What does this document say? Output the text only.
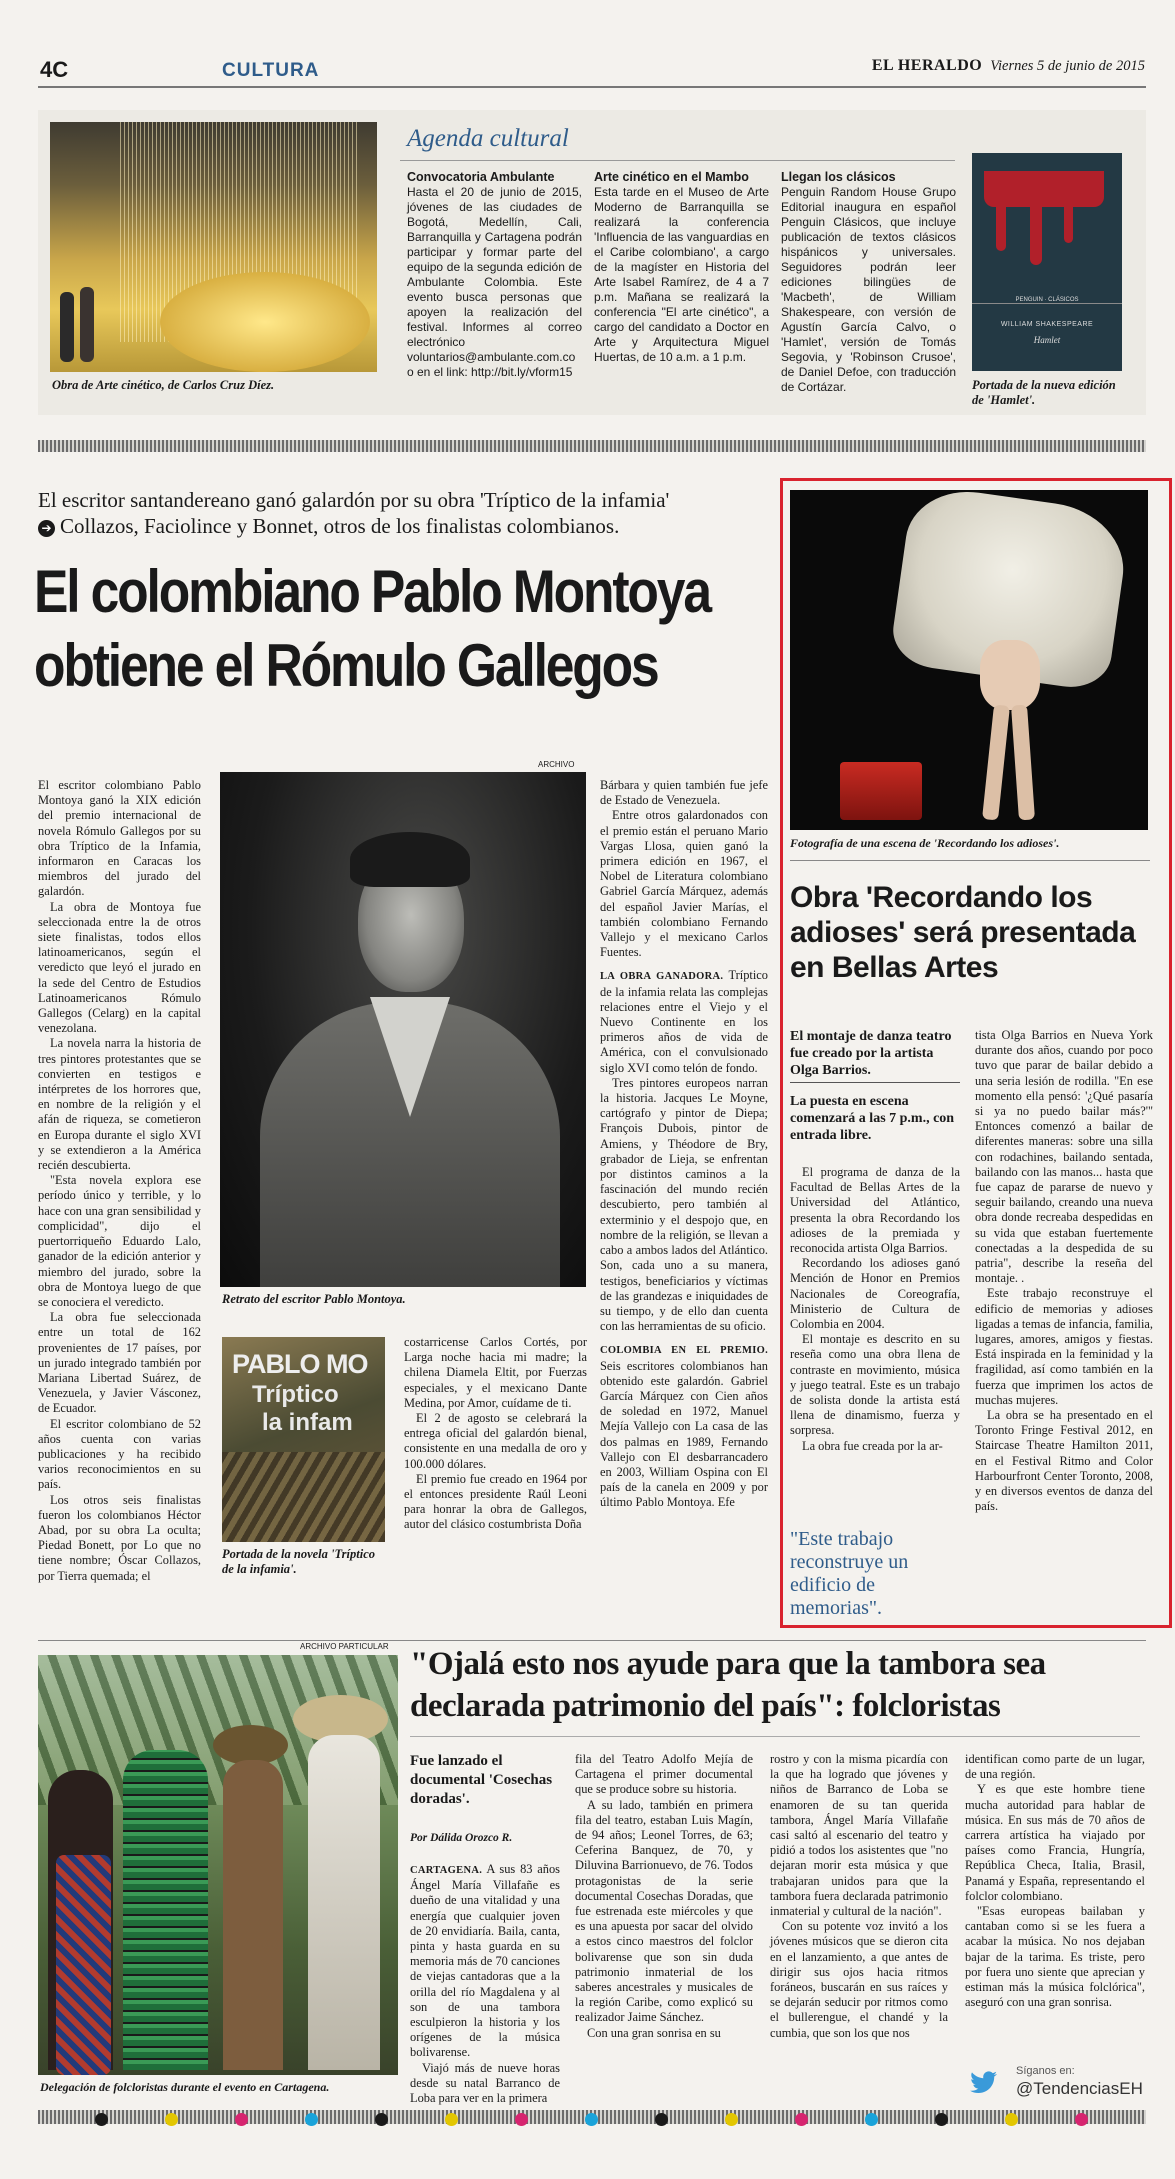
4C	CULTURA	EL HERALDO Viernes 5 de junio de 2015
Obra de Arte cinético, de Carlos Cruz Díez.
Agenda cultural
Convocatoria Ambulante
Hasta el 20 de junio de 2015, jóvenes de las ciudades de Bogotá, Medellín, Cali, Barranquilla y Cartagena podrán participar y formar parte del equipo de la segunda edición de Ambulante Colombia. Este evento busca personas que apoyen la realización del festival. Informes al correo electrónico voluntarios@ambulante.com.co o en el link: http://bit.ly/vform15
Arte cinético en el Mambo
Esta tarde en el Museo de Arte Moderno de Barranquilla se realizará la conferencia 'Influencia de las vanguardias en el Caribe colombiano', a cargo de la magíster en Historia del Arte Isabel Ramírez, de 4 a 7 p.m. Mañana se realizará la conferencia "El arte cinético", a cargo del candidato a Doctor en Arte y Arquitectura Miguel Huertas, de 10 a.m. a 1 p.m.
Llegan los clásicos
Penguin Random House Grupo Editorial inaugura en español Penguin Clásicos, que incluye publicación de textos clásicos hispánicos y universales. Seguidores podrán leer ediciones bilingües de 'Macbeth', de William Shakespeare, con versión de Agustín García Calvo, o 'Hamlet', versión de Tomás Segovia, y 'Robinson Crusoe', de Daniel Defoe, con traducción de Cortázar.
PENGUIN · CLÁSICOS
WILLIAM SHAKESPEARE
Hamlet
Portada de la nueva edición de 'Hamlet'.
El escritor santandereano ganó galardón por su obra 'Tríptico de la infamia'
➔ Collazos, Faciolince y Bonnet, otros de los finalistas colombianos.
El colombiano Pablo Montoya
obtiene el Rómulo Gallegos

El escritor colombiano Pablo Montoya ganó la XIX edición del premio internacional de novela Rómulo Gallegos por su obra Tríptico de la Infamia, informaron en Caracas los miembros del jurado del galardón.

La obra de Montoya fue seleccionada entre la de otros siete finalistas, todos ellos latinoamericanos, según el veredicto que leyó el jurado en la sede del Centro de Estudios Latinoamericanos Rómulo Gallegos (Celarg) en la capital venezolana.

La novela narra la historia de tres pintores protestantes que se convierten en testigos e intérpretes de los horrores que, en nombre de la religión y el afán de riqueza, se cometieron en Europa durante el siglo XVI y se extendieron a la América recién descubierta.

"Esta novela explora ese período único y terrible, y lo hace con una gran sensibilidad y complicidad", dijo el puertorriqueño Eduardo Lalo, ganador de la edición anterior y miembro del jurado, sobre la obra de Montoya luego de que se conociera el veredicto.

La obra fue seleccionada entre un total de 162 provenientes de 17 países, por un jurado integrado también por Mariana Libertad Suárez, de Venezuela, y Javier Vásconez, de Ecuador.

El escritor colombiano de 52 años cuenta con varias publicaciones y ha recibido varios reconocimientos en su país.

Los otros seis finalistas fueron los colombianos Héctor Abad, por su obra La oculta; Piedad Bonett, por Lo que no tiene nombre; Óscar Collazos, por Tierra quemada; el

ARCHIVO
Retrato del escritor Pablo Montoya.
PABLO MO
Tríptico
la infam
Portada de la novela 'Tríptico de la infamia'.

costarricense Carlos Cortés, por Larga noche hacia mi madre; la chilena Diamela Eltit, por Fuerzas especiales, y el mexicano Dante Medina, por Amor, cuídame de ti.

El 2 de agosto se celebrará la entrega oficial del galardón bienal, consistente en una medalla de oro y 100.000 dólares.

El premio fue creado en 1964 por el entonces presidente Raúl Leoni para honrar la obra de Gallegos, autor del clásico costumbrista Doña

Bárbara y quien también fue jefe de Estado de Venezuela.

Entre otros galardonados con el premio están el peruano Mario Vargas Llosa, quien ganó la primera edición en 1967, el Nobel de Literatura colombiano Gabriel García Márquez, además del español Javier Marías, el también colombiano Fernando Vallejo y el mexicano Carlos Fuentes.

LA OBRA GANADORA. Tríptico de la infamia relata las complejas relaciones entre el Viejo y el Nuevo Continente en los primeros años de vida de América, con el convulsionado siglo XVI como telón de fondo.

Tres pintores europeos narran la historia. Jacques Le Moyne, cartógrafo y pintor de Diepa; François Dubois, pintor de Amiens, y Théodore de Bry, grabador de Lieja, se enfrentan por distintos caminos a la fascinación del mundo recién descubierto, pero también al exterminio y el despojo que, en nombre de la religión, se llevan a cabo a ambos lados del Atlántico. Son, cada uno a su manera, testigos, beneficiarios y víctimas de las grandezas e iniquidades de su tiempo, y de ello dan cuenta con las herramientas de su oficio.

COLOMBIA EN EL PREMIO. Seis escritores colombianos han obtenido este galardón. Gabriel García Márquez con Cien años de soledad en 1972, Manuel Mejía Vallejo con La casa de las dos palmas en 1989, Fernando Vallejo con El desbarrancadero en 2003, William Ospina con El país de la canela en 2009 y por último Pablo Montoya. Efe

Fotografía de una escena de 'Recordando los adioses'.
Obra 'Recordando los adioses' será presentada en Bellas Artes
El montaje de danza teatro fue creado por la artista Olga Barrios.
La puesta en escena comenzará a las 7 p.m., con entrada libre.

El programa de danza de la Facultad de Bellas Artes de la Universidad del Atlántico, presenta la obra Recordando los adioses de la premiada y reconocida artista Olga Barrios.

Recordando los adioses ganó Mención de Honor en Premios Nacionales de Coreografía, Ministerio de Cultura de Colombia en 2004.

El montaje es descrito en su reseña como una obra llena de contraste en movimiento, música y juego teatral. Este es un trabajo de solista donde la artista está llena de dinamismo, fuerza y sorpresa.

La obra fue creada por la ar-

"Este trabajo reconstruye un edificio de memorias".

tista Olga Barrios en Nueva York durante dos años, cuando por poco tuvo que parar de bailar debido a una seria lesión de rodilla. "En ese momento ella pensó: '¿Qué pasaría si ya no puedo bailar más?'" Entonces comenzó a bailar de diferentes maneras: sobre una silla con rodachines, bailando sentada, bailando con las manos... hasta que fue capaz de pararse de nuevo y seguir bailando, creando una nueva obra donde recreaba despedidas en su vida que estaban fuertemente conectadas a la despedida de su patria", describe la reseña del montaje. .

Este trabajo reconstruye el edificio de memorias y adioses ligadas a temas de infancia, familia, lugares, amores, amigos y fiestas. Está inspirada en la feminidad y la fragilidad, así como también en la fuerza que imprimen los actos de muchas mujeres.

La obra se ha presentado en el Toronto Fringe Festival 2012, en Staircase Theatre Hamilton 2011, en el Festival Ritmo and Color Harbourfront Center Toronto, 2008, y en diversos eventos de danza del país.

ARCHIVO PARTICULAR
Delegación de folcloristas durante el evento en Cartagena.
"Ojalá esto nos ayude para que la tambora sea
declarada patrimonio del país": folcloristas
Fue lanzado el documental 'Cosechas doradas'.
Por Dálida Orozco R.

CARTAGENA. A sus 83 años Ángel María Villafañe es dueño de una vitalidad y una energía que cualquier joven de 20 envidiaría. Baila, canta, pinta y hasta guarda en su memoria más de 70 canciones de viejas cantadoras que a la orilla del río Magdalena y al son de una tambora esculpieron la historia y los orígenes de la música bolivarense.

Viajó más de nueve horas desde su natal Barranco de Loba para ver en la primera

fila del Teatro Adolfo Mejía de Cartagena el primer documental que se produce sobre su historia.

A su lado, también en primera fila del teatro, estaban Luis Magín, de 94 años; Leonel Torres, de 63; Ceferina Banquez, de 70, y Diluvina Barrionuevo, de 76. Todos protagonistas de la serie documental Cosechas Doradas, que fue estrenada este miércoles y que es una apuesta por sacar del olvido a estos cinco maestros del folclor bolivarense que son sin duda patrimonio inmaterial de los saberes ancestrales y musicales de la región Caribe, como explicó su realizador Jaime Sánchez.

Con una gran sonrisa en su

rostro y con la misma picardía con la que ha logrado que jóvenes y niños de Barranco de Loba se enamoren de su tan querida tambora, Ángel María Villafañe casi saltó al escenario del teatro y pidió a todos los asistentes que "no dejaran morir esta música y que trabajaran unidos para que la tambora fuera declarada patrimonio inmaterial y cultural de la nación".

Con su potente voz invitó a los jóvenes músicos que se dieron cita en el lanzamiento, a que antes de dirigir sus ojos hacia ritmos foráneos, buscarán en sus raíces y se dejarán seducir por ritmos como el bullerengue, el chandé y la cumbia, que son los que nos

identifican como parte de un lugar, de una región.

Y es que este hombre tiene mucha autoridad para hablar de música. En sus más de 70 años de carrera artística ha viajado por países como Francia, Hungría, República Checa, Italia, Brasil, Panamá y España, representando el folclor colombiano.

"Esas europeas bailaban y cantaban como si se les fuera a acabar la música. No nos dejaban bajar de la tarima. Es triste, pero por fuera uno siente que aprecian y estiman más la música folclórica", aseguró con una gran sonrisa.

Síganos en:
@TendenciasEH
